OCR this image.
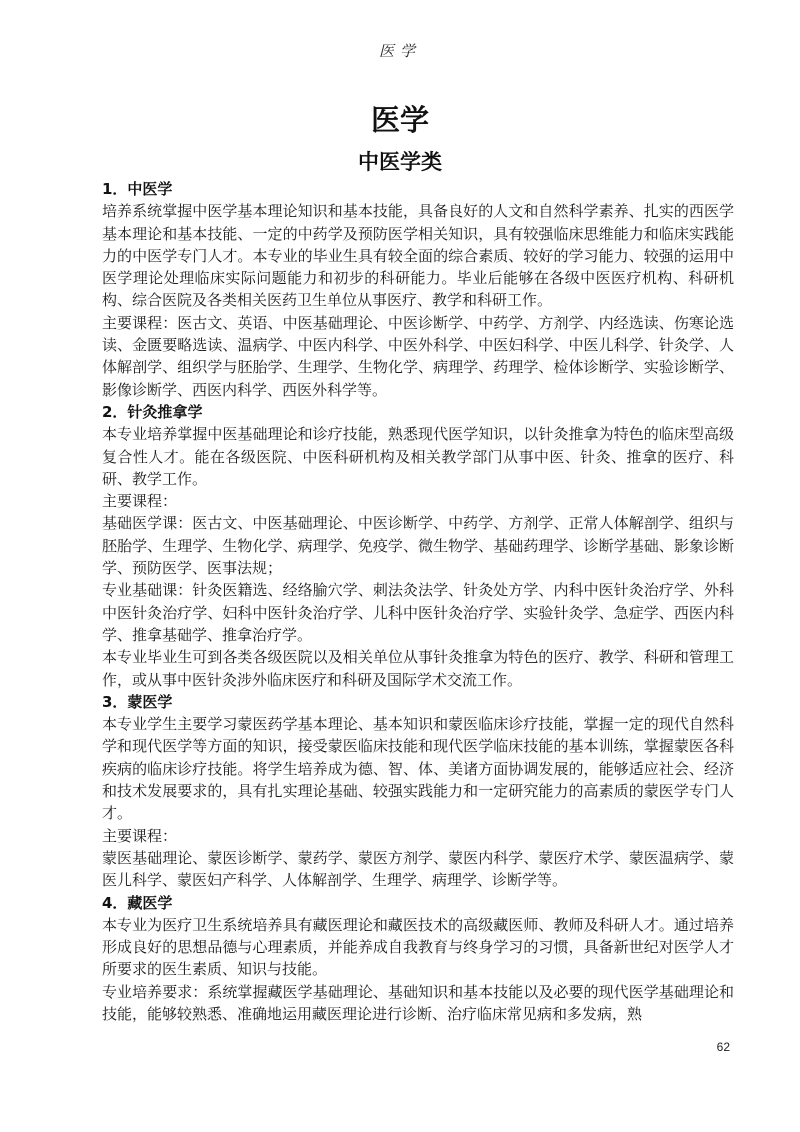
医学
医学
中医学类

1．中医学

培养系统掌握中医学基本理论知识和基本技能，具备良好的人文和自然科学素养、扎实的西医学基本理论和基本技能、一定的中药学及预防医学相关知识，具有较强临床思维能力和临床实践能力的中医学专门人才。本专业的毕业生具有较全面的综合素质、较好的学习能力、较强的运用中医学理论处理临床实际问题能力和初步的科研能力。毕业后能够在各级中医医疗机构、科研机构、综合医院及各类相关医药卫生单位从事医疗、教学和科研工作。

主要课程：医古文、英语、中医基础理论、中医诊断学、中药学、方剂学、内经选读、伤寒论选读、金匮要略选读、温病学、中医内科学、中医外科学、中医妇科学、中医儿科学、针灸学、人体解剖学、组织学与胚胎学、生理学、生物化学、病理学、药理学、检体诊断学、实验诊断学、影像诊断学、西医内科学、西医外科学等。

2．针灸推拿学

本专业培养掌握中医基础理论和诊疗技能，熟悉现代医学知识，以针灸推拿为特色的临床型高级复合性人才。能在各级医院、中医科研机构及相关教学部门从事中医、针灸、推拿的医疗、科研、教学工作。

主要课程：

基础医学课：医古文、中医基础理论、中医诊断学、中药学、方剂学、正常人体解剖学、组织与胚胎学、生理学、生物化学、病理学、免疫学、微生物学、基础药理学、诊断学基础、影象诊断学、预防医学、医事法规；

专业基础课：针灸医籍选、经络腧穴学、刺法灸法学、针灸处方学、内科中医针灸治疗学、外科中医针灸治疗学、妇科中医针灸治疗学、儿科中医针灸治疗学、实验针灸学、急症学、西医内科学、推拿基础学、推拿治疗学。

本专业毕业生可到各类各级医院以及相关单位从事针灸推拿为特色的医疗、教学、科研和管理工作，或从事中医针灸涉外临床医疗和科研及国际学术交流工作。

3．蒙医学

本专业学生主要学习蒙医药学基本理论、基本知识和蒙医临床诊疗技能，掌握一定的现代自然科学和现代医学等方面的知识，接受蒙医临床技能和现代医学临床技能的基本训练，掌握蒙医各科疾病的临床诊疗技能。将学生培养成为德、智、体、美诸方面协调发展的，能够适应社会、经济和技术发展要求的，具有扎实理论基础、较强实践能力和一定研究能力的高素质的蒙医学专门人才。

主要课程：

蒙医基础理论、蒙医诊断学、蒙药学、蒙医方剂学、蒙医内科学、蒙医疗术学、蒙医温病学、蒙医儿科学、蒙医妇产科学、人体解剖学、生理学、病理学、诊断学等。

4．藏医学

本专业为医疗卫生系统培养具有藏医理论和藏医技术的高级藏医师、教师及科研人才。通过培养形成良好的思想品德与心理素质，并能养成自我教育与终身学习的习惯，具备新世纪对医学人才所要求的医生素质、知识与技能。

专业培养要求：系统掌握藏医学基础理论、基础知识和基本技能以及必要的现代医学基础理论和技能，能够较熟悉、准确地运用藏医理论进行诊断、治疗临床常见病和多发病，熟

62
